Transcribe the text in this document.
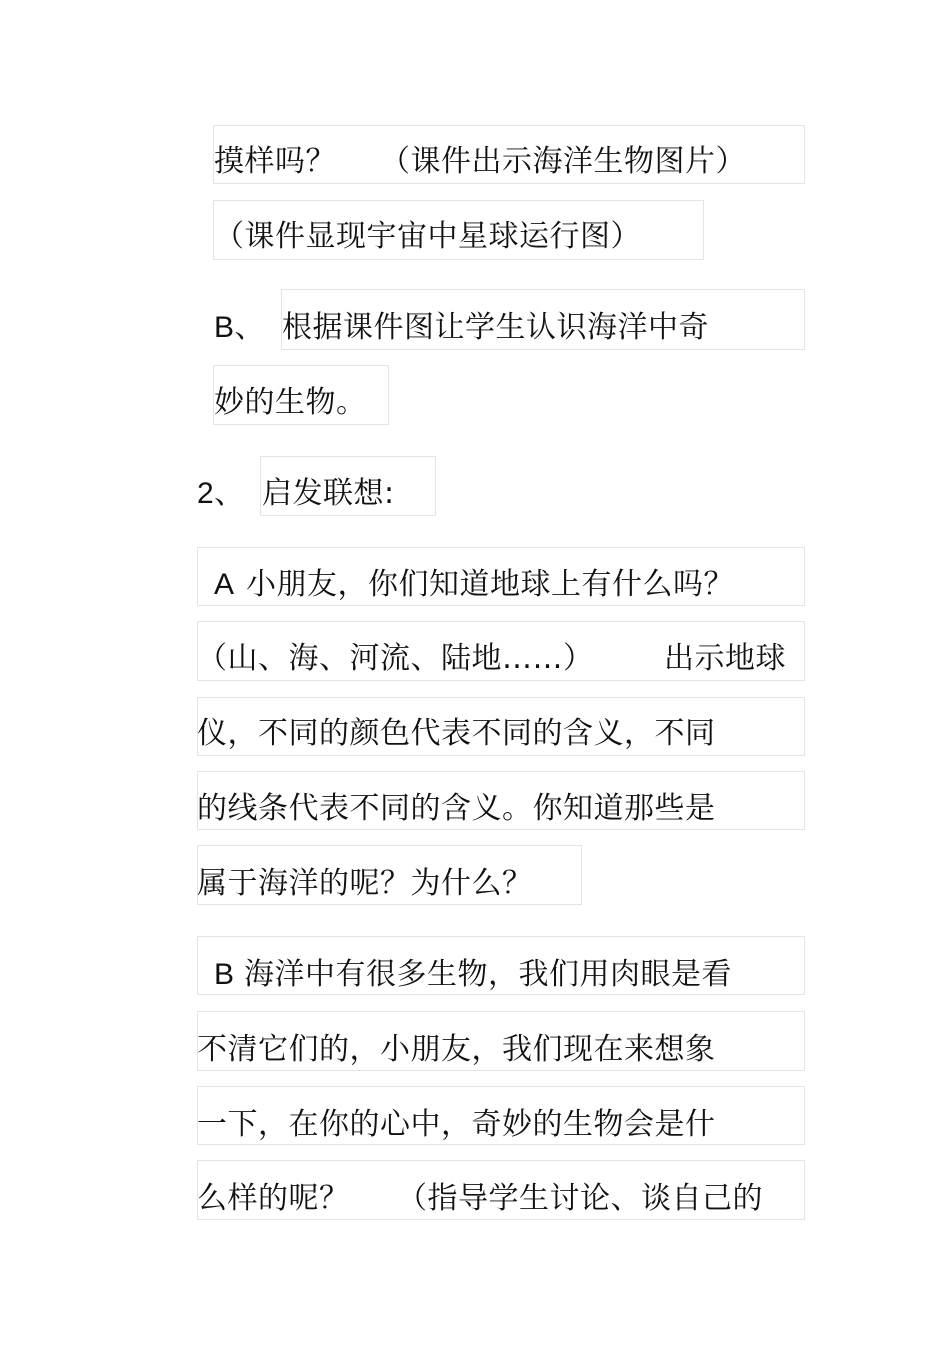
摸样吗？ （课件出示海洋生物图片）
（课件显现宇宙中星球运行图）
B、 根据课件图让学生认识海洋中奇
妙的生物。
2、 启发联想:
A 小朋友，你们知道地球上有什么吗？
（山、海、河流、陆地……） 出示地球
仪，不同的颜色代表不同的含义，不同
的线条代表不同的含义。你知道那些是
属于海洋的呢？为什么？
B 海洋中有很多生物，我们用肉眼是看
不清它们的，小朋友，我们现在来想象
一下，在你的心中，奇妙的生物会是什
么样的呢？ （指导学生讨论、谈自己的
